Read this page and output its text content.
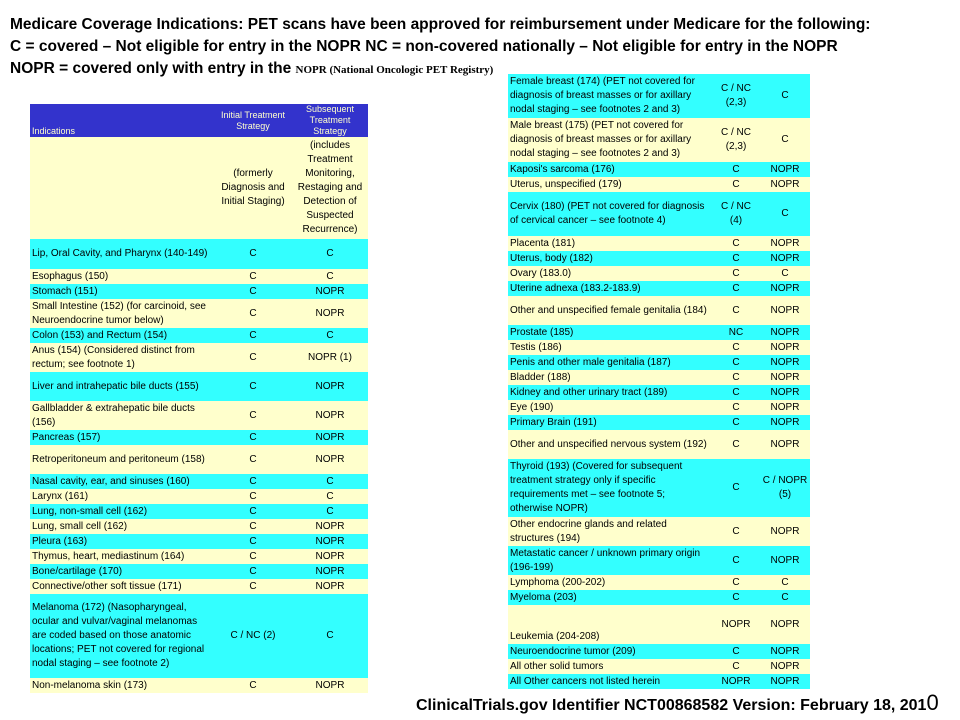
Medicare Coverage Indications: PET scans have been approved for reimbursement under Medicare for the following:
C = covered – Not eligible for entry in the NOPR NC = non-covered nationally – Not eligible for entry in the NOPR
NOPR = covered only with entry in the NOPR (National Oncologic PET Registry)
Indications	Initial Treatment Strategy	Subsequent Treatment Strategy
	(formerly Diagnosis and Initial Staging)	(includes Treatment Monitoring, Restaging and Detection of Suspected Recurrence)
Lip, Oral Cavity, and Pharynx (140-149)	C	C
Esophagus (150)	C	C
Stomach (151)	C	NOPR
Small Intestine (152) (for carcinoid, see Neuroendocrine tumor below)	C	NOPR
Colon (153) and Rectum (154)	C	C
Anus (154) (Considered distinct from rectum; see footnote 1)	C	NOPR (1)
Liver and intrahepatic bile ducts (155)	C	NOPR
Gallbladder & extrahepatic bile ducts (156)	C	NOPR
Pancreas (157)	C	NOPR
Retroperitoneum and peritoneum (158)	C	NOPR
Nasal cavity, ear, and sinuses (160)	C	C
Larynx (161)	C	C
Lung, non-small cell (162)	C	C
Lung, small cell (162)	C	NOPR
Pleura (163)	C	NOPR
Thymus, heart, mediastinum (164)	C	NOPR
Bone/cartilage (170)	C	NOPR
Connective/other soft tissue (171)	C	NOPR
Melanoma (172) (Nasopharyngeal, ocular and vulvar/vaginal melanomas are coded based on those anatomic locations; PET not covered for regional nodal staging – see footnote 2)	C / NC (2)	C
Non-melanoma skin (173)	C	NOPR
Female breast (174) (PET not covered for diagnosis of breast masses or for axillary nodal staging – see footnotes 2 and 3)	C / NC (2,3)	C
Male breast (175) (PET not covered for diagnosis of breast masses or for axillary nodal staging – see footnotes 2 and 3)	C / NC (2,3)	C
Kaposi's sarcoma (176)	C	NOPR
Uterus, unspecified (179)	C	NOPR
Cervix (180) (PET not covered for diagnosis of cervical cancer – see footnote 4)	C / NC (4)	C
Placenta (181)	C	NOPR
Uterus, body (182)	C	NOPR
Ovary (183.0)	C	C
Uterine adnexa (183.2-183.9)	C	NOPR
Other and unspecified female genitalia (184)	C	NOPR
Prostate (185)	NC	NOPR
Testis (186)	C	NOPR
Penis and other male genitalia (187)	C	NOPR
Bladder (188)	C	NOPR
Kidney and other urinary tract (189)	C	NOPR
Eye (190)	C	NOPR
Primary Brain (191)	C	NOPR
Other and unspecified nervous system (192)	C	NOPR
Thyroid (193) (Covered for subsequent treatment strategy only if specific requirements met – see footnote 5; otherwise NOPR)	C	C / NOPR (5)
Other endocrine glands and related structures (194)	C	NOPR
Metastatic cancer / unknown primary origin (196-199)	C	NOPR
Lymphoma (200-202)	C	C
Myeloma (203)	C	C
Leukemia (204-208)	NOPR	NOPR
Neuroendocrine tumor (209)	C	NOPR
All other solid tumors	C	NOPR
All Other cancers not listed herein	NOPR	NOPR
ClinicalTrials.gov Identifier NCT00868582 Version: February 18, 2010
